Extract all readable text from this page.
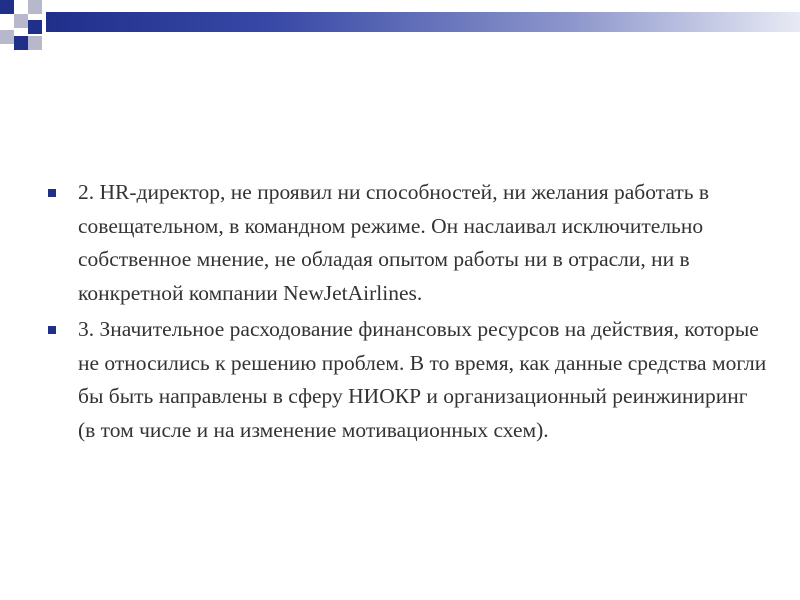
2. HR-директор, не проявил ни способностей, ни желания работать в совещательном, в командном режиме. Он наслаивал исключительно собственное мнение, не обладая опытом работы ни в отрасли, ни в конкретной компании NewJetAirlines.
3. Значительное расходование финансовых ресурсов на действия, которые не относились к решению проблем. В то время, как данные средства могли бы быть направлены в сферу НИОКР и организационный реинжиниринг (в том числе и на изменение мотивационных схем).
